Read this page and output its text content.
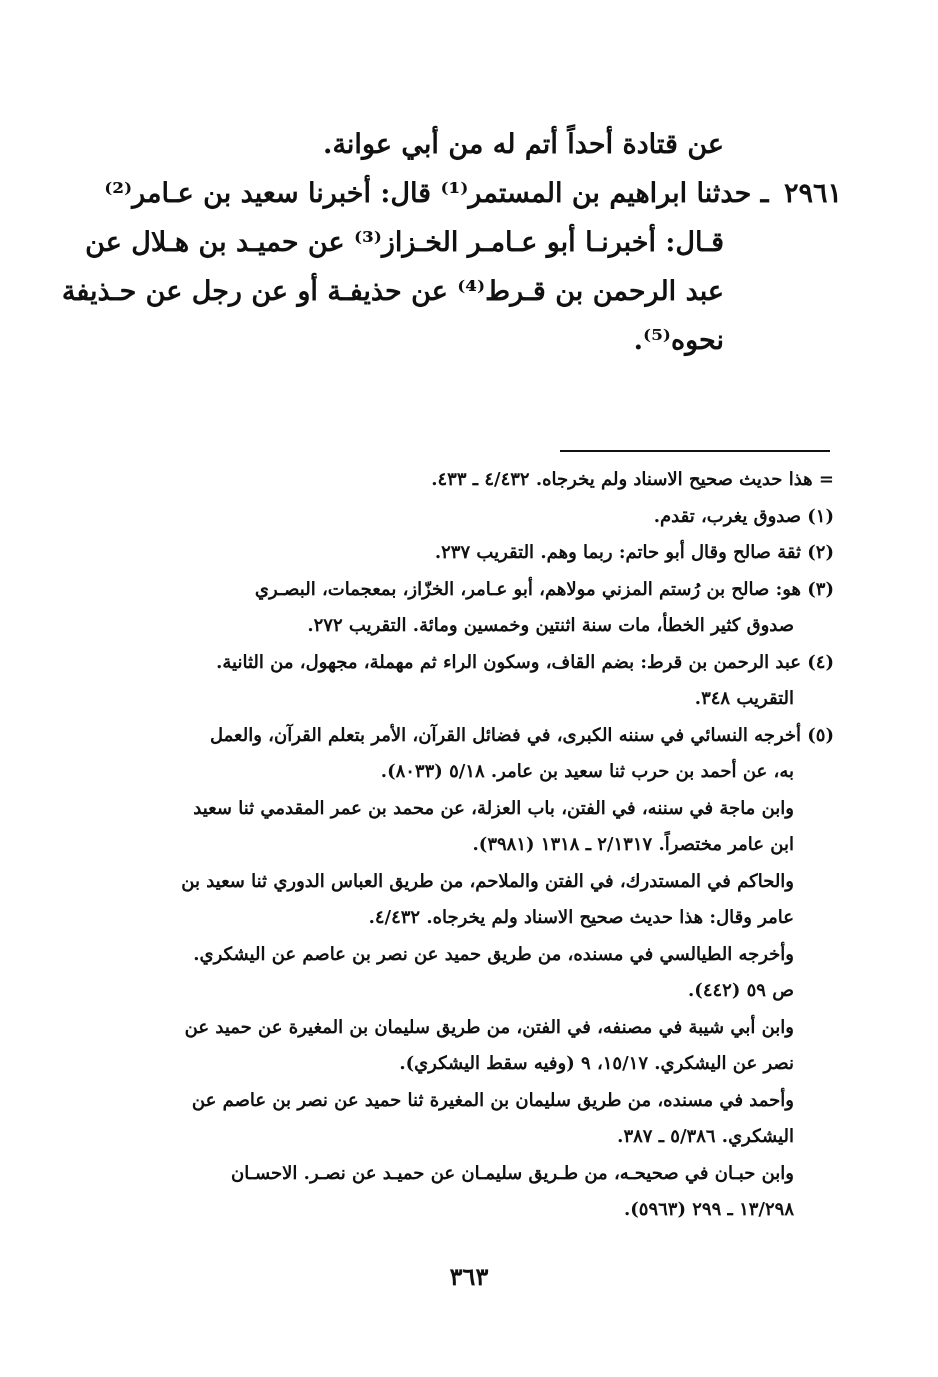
عن قتادة أحداً أتم له من أبي عوانة.
٢٩٦١ ـ حدثنا ابراهيم بن المستمر⁽¹⁾ قال: أخبرنا سعيد بن عـامر⁽²⁾
قـال: أخبرنـا أبو عـامـر الخـزاز⁽³⁾ عن حميـد بن هـلال عن
عبد الرحمن بن قـرط⁽⁴⁾ عن حذيفـة أو عن رجل عن حـذيفة
نحوه⁽⁵⁾.
= هذا حديث صحيح الاسناد ولم يخرجاه. ٤/٤٣٢ ـ ٤٣٣.
(١) صدوق يغرب، تقدم.
(٢) ثقة صالح وقال أبو حاتم: ربما وهم. التقريب ٢٣٧.
(٣) هو: صالح بن رُستم المزني مولاهم، أبو عـامر، الخزّاز، بمعجمات، البصـري
صدوق كثير الخطأ، مات سنة اثنتين وخمسين ومائة. التقريب ٢٧٢.
(٤) عبد الرحمن بن قرط: بضم القاف، وسكون الراء ثم مهملة، مجهول، من الثانية.
التقريب ٣٤٨.
(٥) أخرجه النسائي في سننه الكبرى، في فضائل القرآن، الأمر بتعلم القرآن، والعمل
به، عن أحمد بن حرب ثنا سعيد بن عامر. ٥/١٨ (٨٠٣٣).
وابن ماجة في سننه، في الفتن، باب العزلة، عن محمد بن عمر المقدمي ثنا سعيد
ابن عامر مختصراً. ٢/١٣١٧ ـ ١٣١٨ (٣٩٨١).
والحاكم في المستدرك، في الفتن والملاحم، من طريق العباس الدوري ثنا سعيد بن
عامر وقال: هذا حديث صحيح الاسناد ولم يخرجاه. ٤/٤٣٢.
وأخرجه الطيالسي في مسنده، من طريق حميد عن نصر بن عاصم عن اليشكري.
ص ٥٩ (٤٤٢).
وابن أبي شيبة في مصنفه، في الفتن، من طريق سليمان بن المغيرة عن حميد عن
نصر عن اليشكري. ١٥/١٧، ٩ (وفيه سقط اليشكري).
وأحمد في مسنده، من طريق سليمان بن المغيرة ثنا حميد عن نصر بن عاصم عن
اليشكري. ٥/٣٨٦ ـ ٣٨٧.
وابن حبـان في صحيحـه، من طـريق سليمـان عن حميـد عن نصـر. الاحسـان
١٣/٢٩٨ ـ ٢٩٩ (٥٩٦٣).
٣٦٣
